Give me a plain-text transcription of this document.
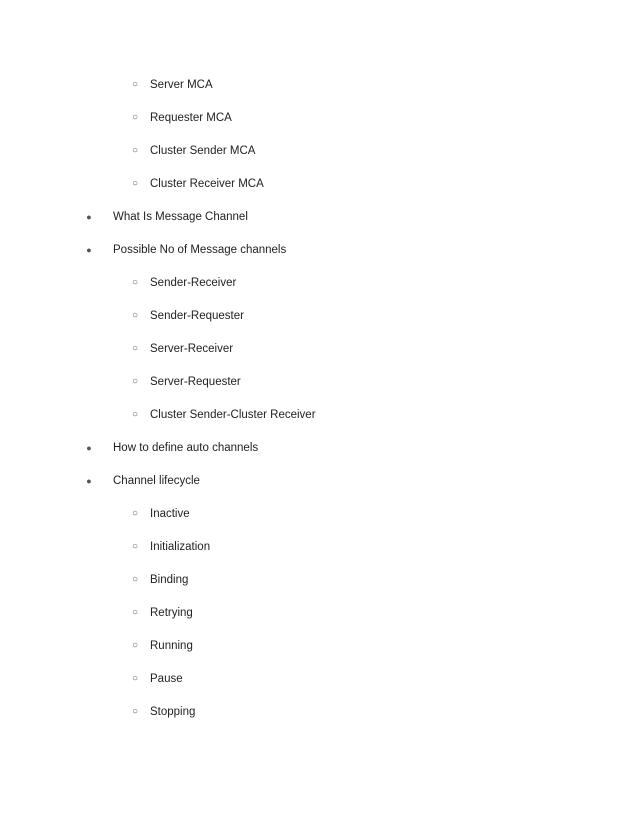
○	Server MCA
○	Requester MCA
○	Cluster Sender MCA
○	Cluster Receiver MCA
●	What Is Message Channel
●	Possible No of Message channels
○	Sender-Receiver
○	Sender-Requester
○	Server-Receiver
○	Server-Requester
○	Cluster Sender-Cluster Receiver
●	How to define auto channels
●	Channel lifecycle
○	Inactive
○	Initialization
○	Binding
○	Retrying
○	Running
○	Pause
○	Stopping
